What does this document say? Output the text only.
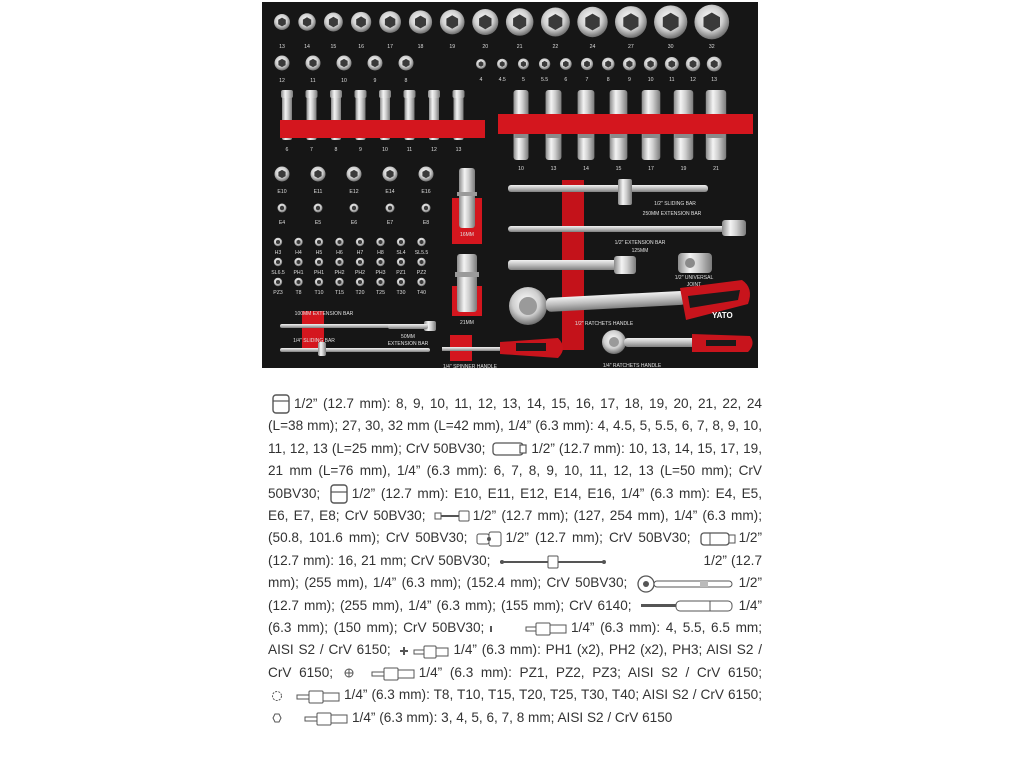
13	14	15	16	17	18	19	20	21	22	24	27	30	32
12	11	10	9	8	4	4.5	5	5.5	6	7	8	9	10	11	12	13
6	7	8	9	10	11	12	13
10	13	14	15	17	19	21
E10	E11	E12	E14	E16
E4	E5	E6	E7	E8
H3	H4	H5	H6	H7	H8 SL4 SL5.5
SL6.5 PH1 PH1 PH2 PH2 PH3 PZ1 PZ2
PZ3 T8 T10 T15 T20 T25 T30 T40
YATO
16MM
21MM
1/2" SLIDING BAR
250MM EXTENSION BAR
1/2" EXTENSION BAR
125MM
1/2" UNIVERSAL
JOINT
1/2" RATCHETS HANDLE
100MM EXTENSION BAR
1/4" SLIDING BAR
50MM
EXTENSION BAR
1/4" SPINNER HANDLE	1/4" RATCHETS HANDLE
1/2” (12.7 mm): 8, 9, 10, 11, 12, 13, 14, 15, 16, 17, 18, 19, 20, 21, 22, 24 (L=38 mm); 27, 30, 32 mm (L=42 mm), 1/4” (6.3 mm): 4, 4.5, 5, 5.5, 6, 7, 8, 9, 10, 11, 12, 13 (L=25 mm); CrV 50BV30;	1/2” (12.7 mm): 10, 13, 14, 15, 17, 19, 21 mm (L=76 mm), 1/4” (6.3 mm): 6, 7, 8, 9, 10, 11, 12, 13 (L=50 mm); CrV 50BV30; 1/2” (12.7 mm): E10, E11, E12, E14, E16, 1/4” (6.3 mm): E4, E5, E6, E7, E8; CrV 50BV30;	1/2” (12.7 mm); (127, 254 mm), 1/4” (6.3 mm); (50.8, 101.6 mm); CrV 50BV30;	1/2” (12.7 mm); CrV 50BV30;	1/2” (12.7 mm): 16, 21 mm; CrV 50BV30;	1/2” (12.7 mm); (255 mm), 1/4” (6.3 mm); (152.4 mm); CrV 50BV30;	1/2” (12.7 mm); (255 mm), 1/4” (6.3 mm); (155 mm); CrV 6140;	1/4” (6.3 mm); (150 mm); CrV 50BV30;	1/4” (6.3 mm): 4, 5.5, 6.5 mm; AISI S2 / CrV 6150;	1/4” (6.3 mm): PH1 (x2), PH2 (x2), PH3; AISI S2 / CrV 6150;	1/4” (6.3 mm): PZ1, PZ2, PZ3; AISI S2 / CrV 6150;
1/4” (6.3 mm): T8, T10, T15, T20, T25, T30, T40; AISI S2 / CrV 6150;
1/4” (6.3 mm): 3, 4, 5, 6, 7, 8 mm; AISI S2 / CrV 6150
